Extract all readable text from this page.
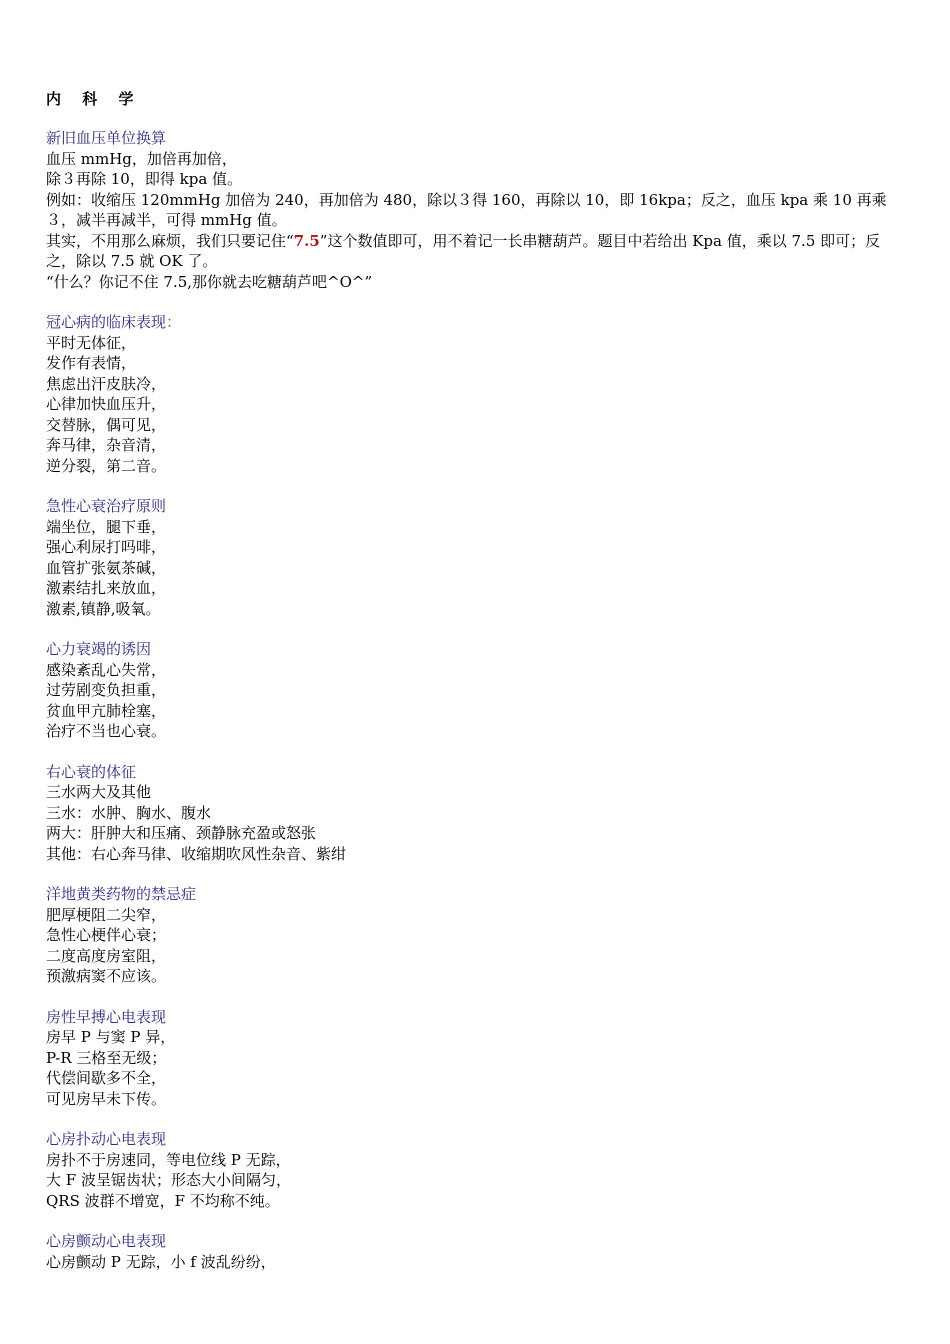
内 科 学
新旧血压单位换算
血压 mmHg，加倍再加倍，
除３再除 10，即得 kpa 值。
例如：收缩压 120mmHg 加倍为 240，再加倍为 480，除以３得 160，再除以 10，即 16kpa；反之，血压 kpa 乘 10 再乘３，减半再减半，可得 mmHg 值。
其实，不用那么麻烦，我们只要记住“7.5”这个数值即可，用不着记一长串糖葫芦。题目中若给出 Kpa 值，乘以 7.5 即可；反之，除以 7.5 就 OK 了。
“什么？你记不住 7.5,那你就去吃糖葫芦吧^O^”
冠心病的临床表现：
平时无体征，
发作有表情，
焦虑出汗皮肤冷，
心律加快血压升，
交替脉，偶可见，
奔马律，杂音清，
逆分裂，第二音。
急性心衰治疗原则
端坐位，腿下垂，
强心利尿打吗啡，
血管扩张氨茶碱，
激素结扎来放血，
激素,镇静,吸氧。
心力衰竭的诱因
感染紊乱心失常，
过劳剧变负担重，
贫血甲亢肺栓塞，
治疗不当也心衰。
右心衰的体征
三水两大及其他
三水：水肿、胸水、腹水
两大：肝肿大和压痛、颈静脉充盈或怒张
其他：右心奔马律、收缩期吹风性杂音、紫绀
洋地黄类药物的禁忌症
肥厚梗阻二尖窄，
急性心梗伴心衰；
二度高度房室阻，
预激病窦不应该。
房性早搏心电表现
房早 P 与窦 P 异，
P-R 三格至无级；
代偿间歇多不全，
可见房早未下传。
心房扑动心电表现
房扑不于房速同，等电位线 P 无踪，
大 F 波呈锯齿状；形态大小间隔匀，
QRS 波群不增宽，F 不均称不纯。
心房颤动心电表现
心房颤动 P 无踪，小 f 波乱纷纷，
